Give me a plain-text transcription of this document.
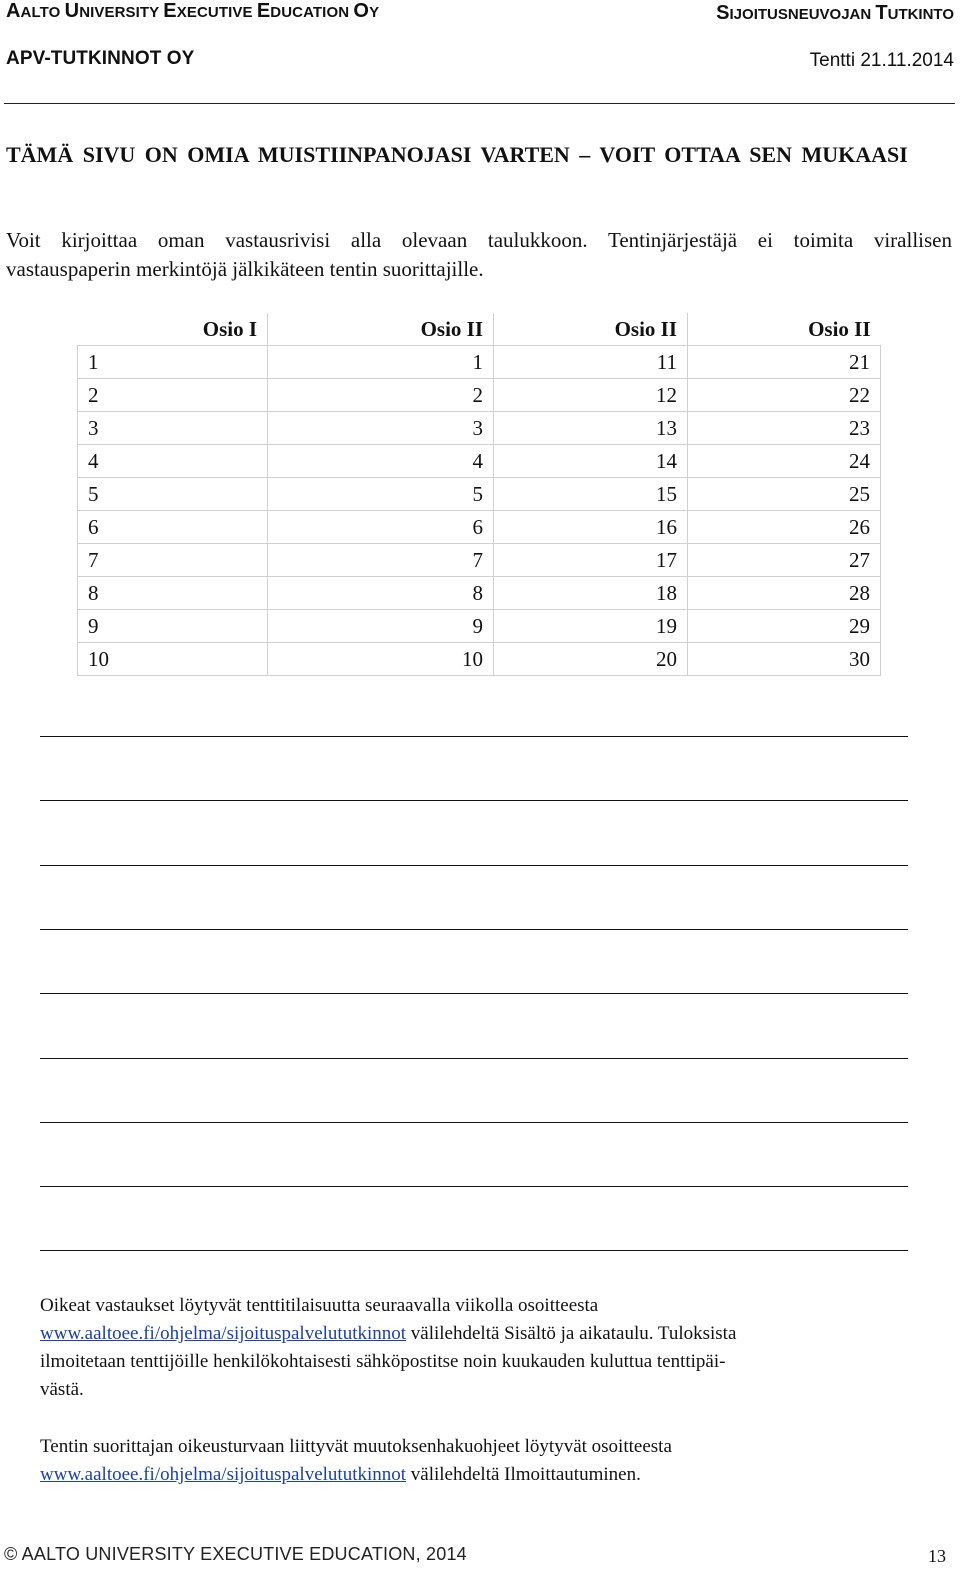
AALTO UNIVERSITY EXECUTIVE EDUCATION OY	SIJOITUSNEUVOJAN TUTKINTO
APV-TUTKINNOT OY	Tentti 21.11.2014
TÄMÄ SIVU ON OMIA MUISTIINPANOJASI VARTEN – VOIT OTTAA SEN MUKAASI
Voit kirjoittaa oman vastausrivisi alla olevaan taulukkoon. Tentinjärjestäjä ei toimita virallisen
vastauspaperin merkintöjä jälkikäteen tentin suorittajille.
Osio I	Osio II	Osio II	Osio II
1	1	11	21
2	2	12	22
3	3	13	23
4	4	14	24
5	5	15	25
6	6	16	26
7	7	17	27
8	8	18	28
9	9	19	29
10	10	20	30
Oikeat vastaukset löytyvät tenttitilaisuutta seuraavalla viikolla osoitteesta
www.aaltoee.fi/ohjelma/sijoituspalvelututkinnot välilehdeltä Sisältö ja aikataulu. Tuloksista
ilmoitetaan tenttijöille henkilökohtaisesti sähköpostitse noin kuukauden kuluttua tenttipäi-
västä.
Tentin suorittajan oikeusturvaan liittyvät muutoksenhakuohjeet löytyvät osoitteesta
www.aaltoee.fi/ohjelma/sijoituspalvelututkinnot välilehdeltä Ilmoittautuminen.
© AALTO UNIVERSITY EXECUTIVE EDUCATION, 2014	13
